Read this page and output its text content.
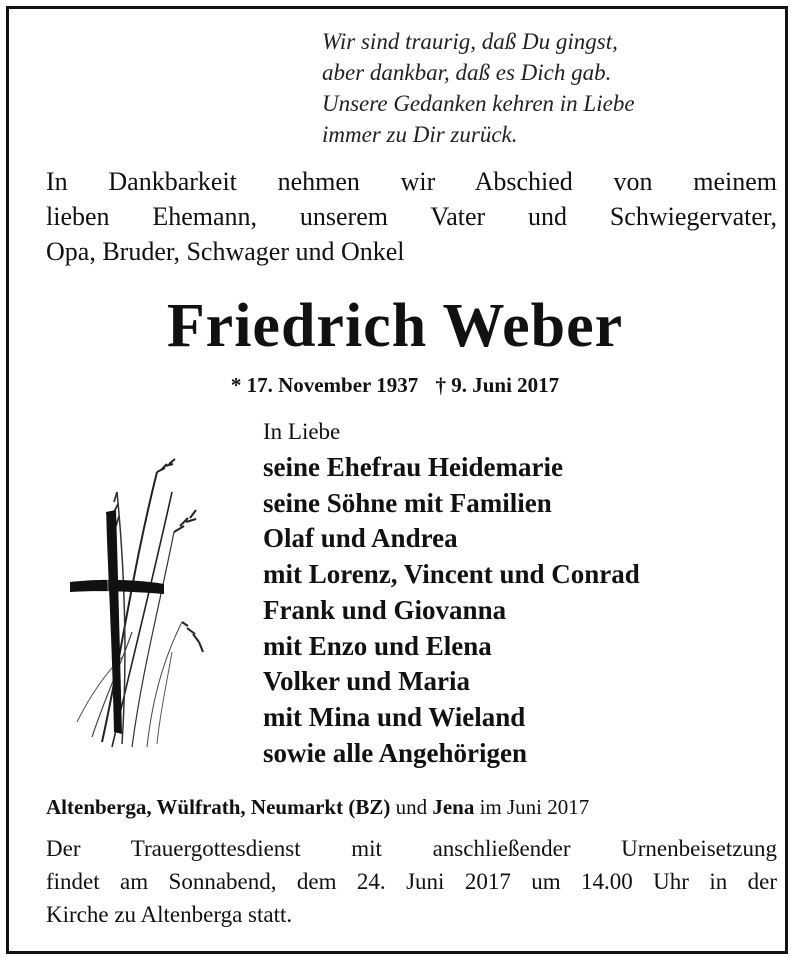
Wir sind traurig, daß Du gingst,
aber dankbar, daß es Dich gab.
Unsere Gedanken kehren in Liebe
immer zu Dir zurück.
In Dankbarkeit nehmen wir Abschied von meinem
lieben Ehemann, unserem Vater und Schwiegervater,
Opa, Bruder, Schwager und Onkel
Friedrich Weber
* 17. November 1937 † 9. Juni 2017
In Liebe
seine Ehefrau Heidemarie
seine Söhne mit Familien
Olaf und Andrea
mit Lorenz, Vincent und Conrad
Frank und Giovanna
mit Enzo und Elena
Volker und Maria
mit Mina und Wieland
sowie alle Angehörigen
Altenberga, Wülfrath, Neumarkt (BZ) und Jena im Juni 2017
Der Trauergottesdienst mit anschließender Urnenbeisetzung
findet am Sonnabend, dem 24. Juni 2017 um 14.00 Uhr in der
Kirche zu Altenberga statt.
